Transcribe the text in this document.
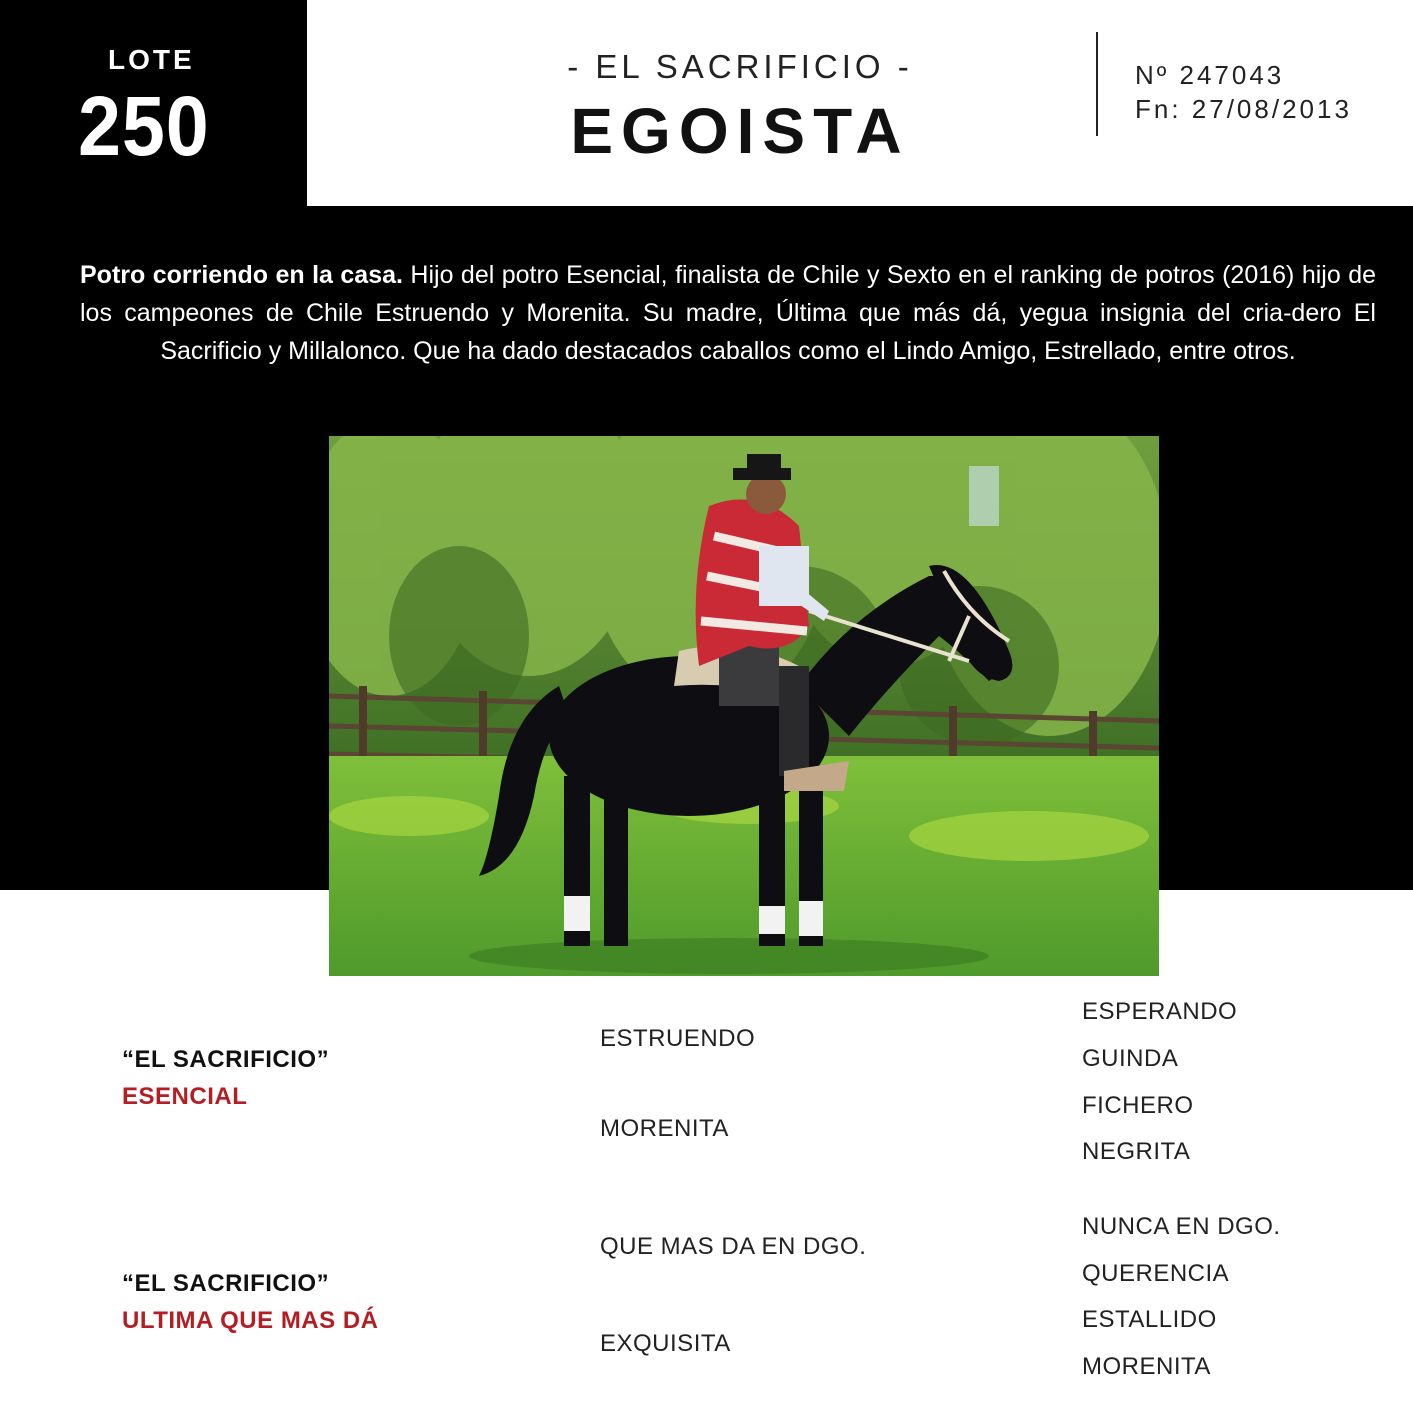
LOTE
250
- EL SACRIFICIO -
EGOISTA
Nº 247043
Fn: 27/08/2013

Potro corriendo en la casa. Hijo del potro Esencial, finalista de Chile y Sexto en el ranking de potros (2016) hijo de los campeones de Chile Estruendo y Morenita. Su madre, Última que más dá, yegua insignia del cria-dero El Sacrificio y Millalonco. Que ha dado destacados caballos como el Lindo Amigo, Estrellado, entre otros.

“EL SACRIFICIO”
ESENCIAL
ESTRUENDO
MORENITA
ESPERANDO
GUINDA
FICHERO
NEGRITA
“EL SACRIFICIO”
ULTIMA QUE MAS DÁ
QUE MAS DA EN DGO.
EXQUISITA
NUNCA EN DGO.
QUERENCIA
ESTALLIDO
MORENITA
